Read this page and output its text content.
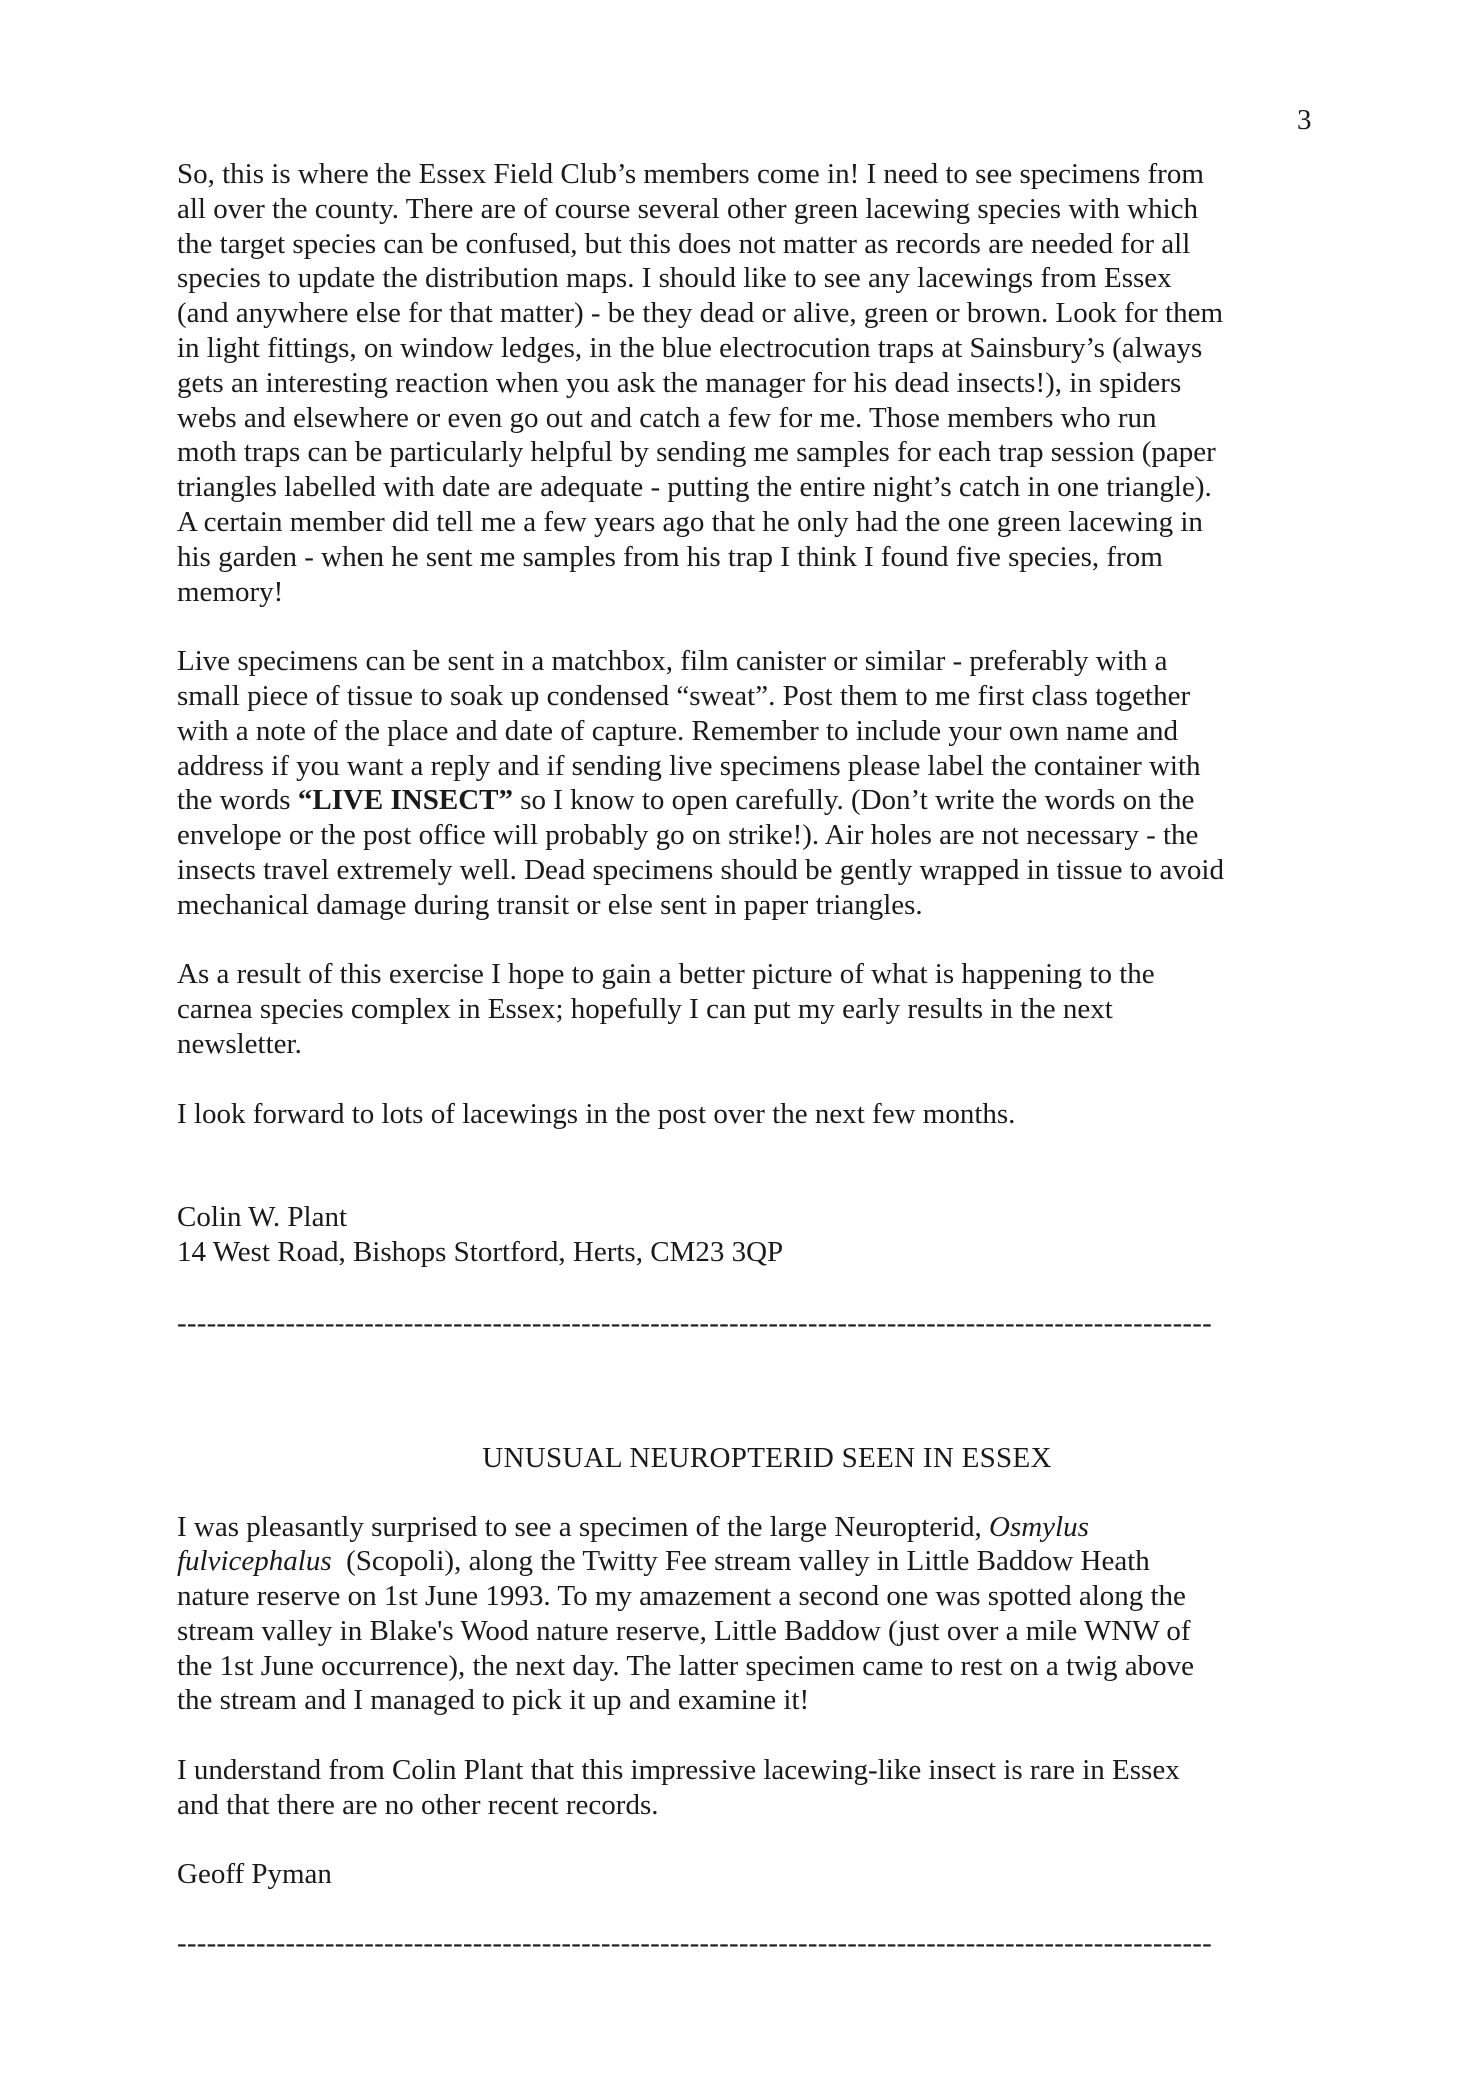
3

So, this is where the Essex Field Club’s members come in! I need to see specimens from
all over the county. There are of course several other green lacewing species with which
the target species can be confused, but this does not matter as records are needed for all
species to update the distribution maps. I should like to see any lacewings from Essex
(and anywhere else for that matter) - be they dead or alive, green or brown. Look for them
in light fittings, on window ledges, in the blue electrocution traps at Sainsbury’s (always
gets an interesting reaction when you ask the manager for his dead insects!), in spiders
webs and elsewhere or even go out and catch a few for me. Those members who run
moth traps can be particularly helpful by sending me samples for each trap session (paper
triangles labelled with date are adequate - putting the entire night’s catch in one triangle).
A certain member did tell me a few years ago that he only had the one green lacewing in
his garden - when he sent me samples from his trap I think I found five species, from
memory!

Live specimens can be sent in a matchbox, film canister or similar - preferably with a
small piece of tissue to soak up condensed “sweat”. Post them to me first class together
with a note of the place and date of capture. Remember to include your own name and
address if you want a reply and if sending live specimens please label the container with
the words “LIVE INSECT” so I know to open carefully. (Don’t write the words on the
envelope or the post office will probably go on strike!). Air holes are not necessary - the
insects travel extremely well. Dead specimens should be gently wrapped in tissue to avoid
mechanical damage during transit or else sent in paper triangles.

As a result of this exercise I hope to gain a better picture of what is happening to the
carnea species complex in Essex; hopefully I can put my early results in the next
newsletter.

I look forward to lots of lacewings in the post over the next few months.

Colin W. Plant
14 West Road, Bishops Stortford, Herts, CM23 3QP
---------------------------------------------------------------------------------------------------------
UNUSUAL NEUROPTERID SEEN IN ESSEX

I was pleasantly surprised to see a specimen of the large Neuropterid, Osmylus
fulvicephalus  (Scopoli), along the Twitty Fee stream valley in Little Baddow Heath
nature reserve on 1st June 1993. To my amazement a second one was spotted along the
stream valley in Blake's Wood nature reserve, Little Baddow (just over a mile WNW of
the 1st June occurrence), the next day. The latter specimen came to rest on a twig above
the stream and I managed to pick it up and examine it!

I understand from Colin Plant that this impressive lacewing-like insect is rare in Essex
and that there are no other recent records.

Geoff Pyman

---------------------------------------------------------------------------------------------------------
